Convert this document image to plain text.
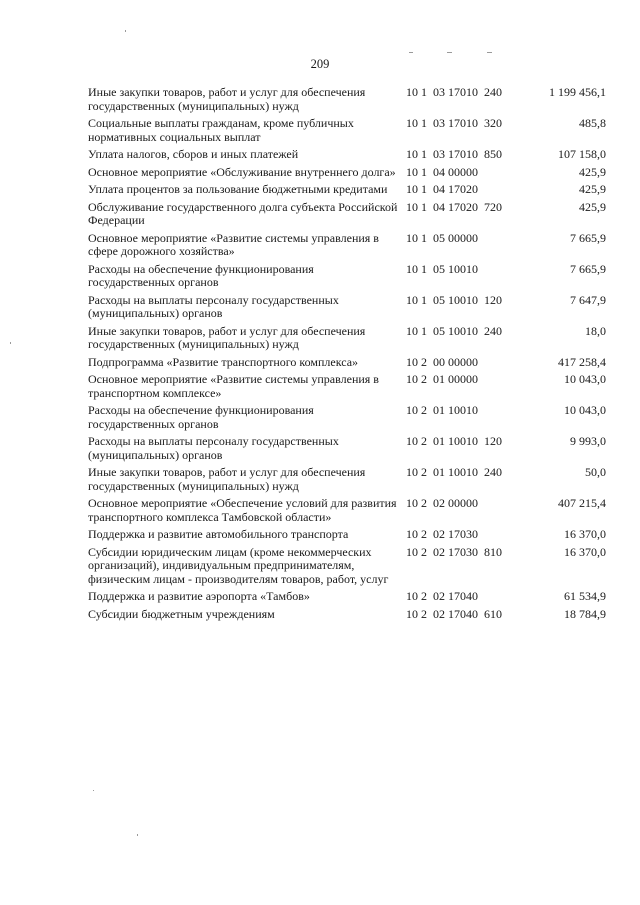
209
Иные закупки товаров, работ и услуг для обеспечения государственных (муниципальных) нужд	10 1  03 17010  240	1 199 456,1
Социальные выплаты гражданам, кроме публичных нормативных социальных выплат	10 1  03 17010  320	485,8
Уплата налогов, сборов и иных платежей	10 1  03 17010  850	107 158,0
Основное мероприятие «Обслуживание внутреннего долга»	10 1  04 00000	425,9
Уплата процентов за пользование бюджетными кредитами	10 1  04 17020	425,9
Обслуживание государственного долга субъекта Российской Федерации	10 1  04 17020  720	425,9
Основное мероприятие «Развитие системы управления в сфере дорожного хозяйства»	10 1  05 00000	7 665,9
Расходы на обеспечение функционирования государственных органов	10 1  05 10010	7 665,9
Расходы на выплаты персоналу государственных (муниципальных) органов	10 1  05 10010  120	7 647,9
Иные закупки товаров, работ и услуг для обеспечения государственных (муниципальных) нужд	10 1  05 10010  240	18,0
Подпрограмма «Развитие транспортного комплекса»	10 2  00 00000	417 258,4
Основное мероприятие «Развитие системы управления в транспортном комплексе»	10 2  01 00000	10 043,0
Расходы на обеспечение функционирования государственных органов	10 2  01 10010	10 043,0
Расходы на выплаты персоналу государственных (муниципальных) органов	10 2  01 10010  120	9 993,0
Иные закупки товаров, работ и услуг для обеспечения государственных (муниципальных) нужд	10 2  01 10010  240	50,0
Основное мероприятие «Обеспечение условий для развития транспортного комплекса Тамбовской области»	10 2  02 00000	407 215,4
Поддержка и развитие автомобильного транспорта	10 2  02 17030	16 370,0
Субсидии юридическим лицам (кроме некоммерческих организаций), индивидуальным предпринимателям, физическим лицам - производителям товаров, работ, услуг	10 2  02 17030  810	16 370,0
Поддержка и развитие аэропорта «Тамбов»	10 2  02 17040	61 534,9
Субсидии бюджетным учреждениям	10 2  02 17040  610	18 784,9
